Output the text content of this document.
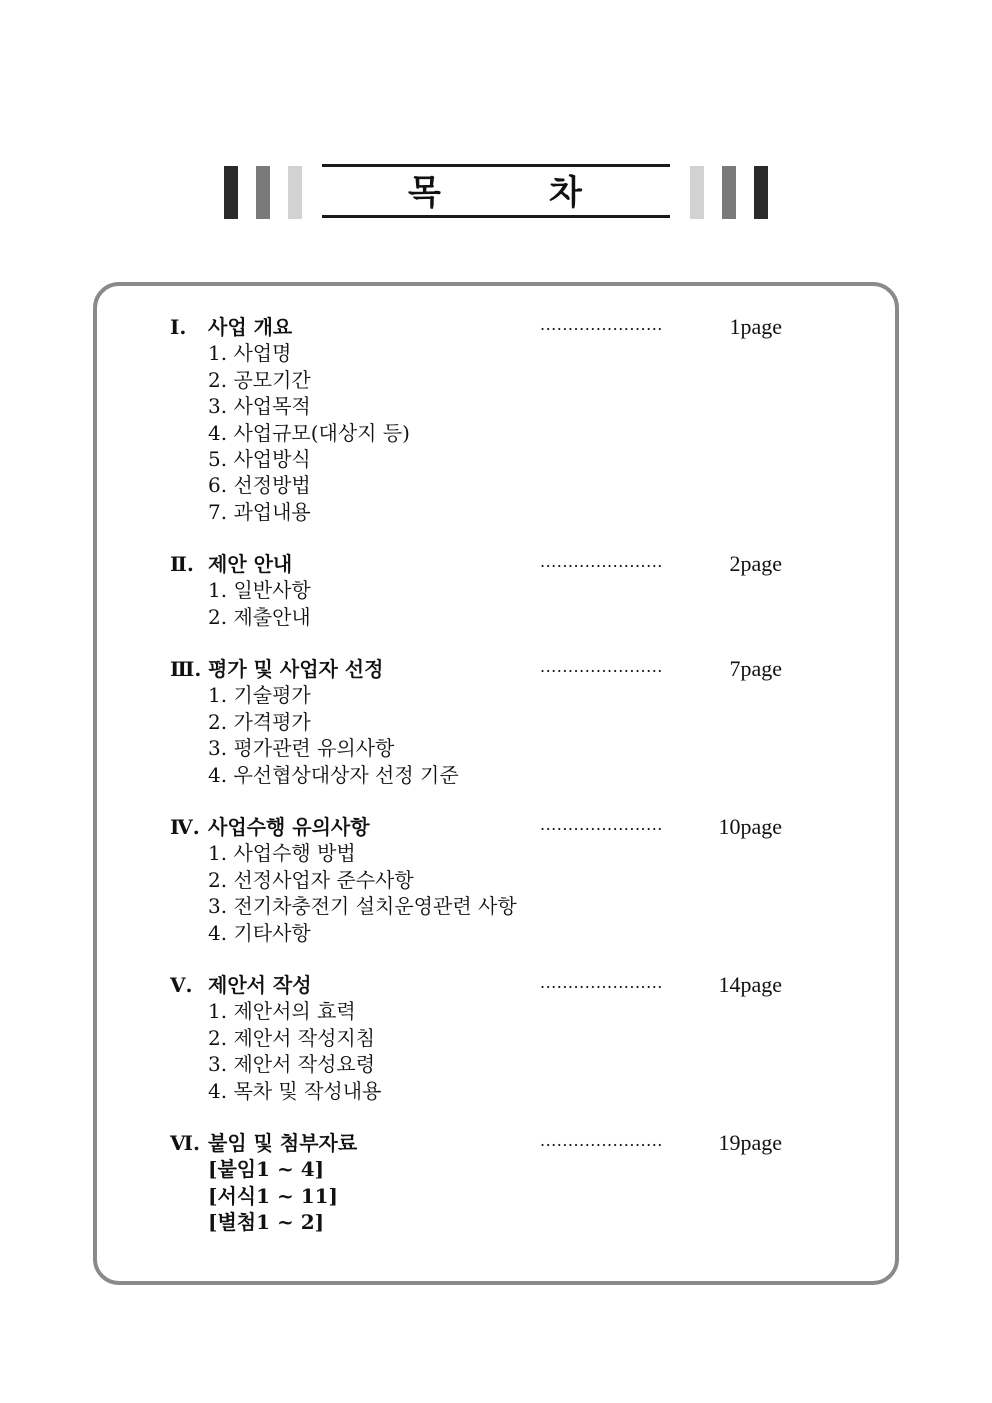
목	차
Ⅰ. 사업 개요	......................	1page
1. 사업명
2. 공모기간
3. 사업목적
4. 사업규모(대상지 등)
5. 사업방식
6. 선정방법
7. 과업내용
Ⅱ. 제안 안내	......................	2page
1. 일반사항
2. 제출안내
Ⅲ. 평가 및 사업자 선정	......................	7page
1. 기술평가
2. 가격평가
3. 평가관련 유의사항
4. 우선협상대상자 선정 기준
Ⅳ. 사업수행 유의사항	......................	10page
1. 사업수행 방법
2. 선정사업자 준수사항
3. 전기차충전기 설치운영관련 사항
4. 기타사항
Ⅴ. 제안서 작성	......................	14page
1. 제안서의 효력
2. 제안서 작성지침
3. 제안서 작성요령
4. 목차 및 작성내용
Ⅵ. 붙임 및 첨부자료	......................	19page
[붙임1 ~ 4]
[서식1 ~ 11]
[별첨1 ~ 2]
